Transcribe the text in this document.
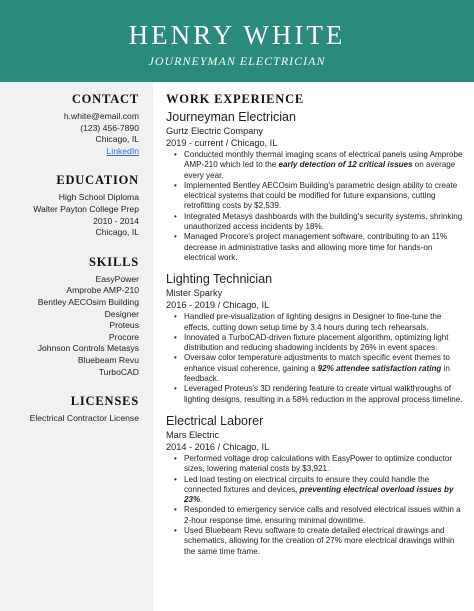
HENRY WHITE
JOURNEYMAN ELECTRICIAN
CONTACT
h.white@email.com
(123) 456-7890
Chicago, IL
LinkedIn
EDUCATION
High School Diploma
Walter Payton College Prep
2010 - 2014
Chicago, IL
SKILLS
EasyPower
Amprobe AMP-210
Bentley AECOsim Building
Designer
Proteus
Procore
Johnson Controls Metasys
Bluebeam Revu
TurboCAD
LICENSES
Electrical Contractor License
WORK EXPERIENCE
Journeyman Electrician
Gurtz Electric Company
2019 - current / Chicago, IL
• Conducted monthly thermal imaging scans of electrical panels using Amprobe AMP-210 which led to the early detection of 12 critical issues on average every year.
• Implemented Bentley AECOsim Building's parametric design ability to create electrical systems that could be modified for future expansions, cutting retrofitting costs by $2,539.
• Integrated Metasys dashboards with the building's security systems, shrinking unauthorized access incidents by 18%.
• Managed Procore's project management software, contributing to an 11% decrease in administrative tasks and allowing more time for hands-on electrical work.
Lighting Technician
Mister Sparky
2016 - 2019 / Chicago, IL
• Handled pre-visualization of lighting designs in Designer to fine-tune the effects, cutting down setup time by 3.4 hours during tech rehearsals.
• Innovated a TurboCAD-driven fixture placement algorithm, optimizing light distribution and reducing shadowing incidents by 26% in event spaces.
• Oversaw color temperature adjustments to match specific event themes to enhance visual coherence, gaining a 92% attendee satisfaction rating in feedback.
• Leveraged Proteus's 3D rendering feature to create virtual walkthroughs of lighting designs, resulting in a 58% reduction in the approval process timeline.
Electrical Laborer
Mars Electric
2014 - 2016 / Chicago, IL
• Performed voltage drop calculations with EasyPower to optimize conductor sizes, lowering material costs by $3,921.
• Led load testing on electrical circuits to ensure they could handle the connected fixtures and devices, preventing electrical overload issues by 23%.
• Responded to emergency service calls and resolved electrical issues within a 2-hour response time, ensuring minimal downtime.
• Used Bluebeam Revu software to create detailed electrical drawings and schematics, allowing for the creation of 27% more electrical drawings within the same time frame.
